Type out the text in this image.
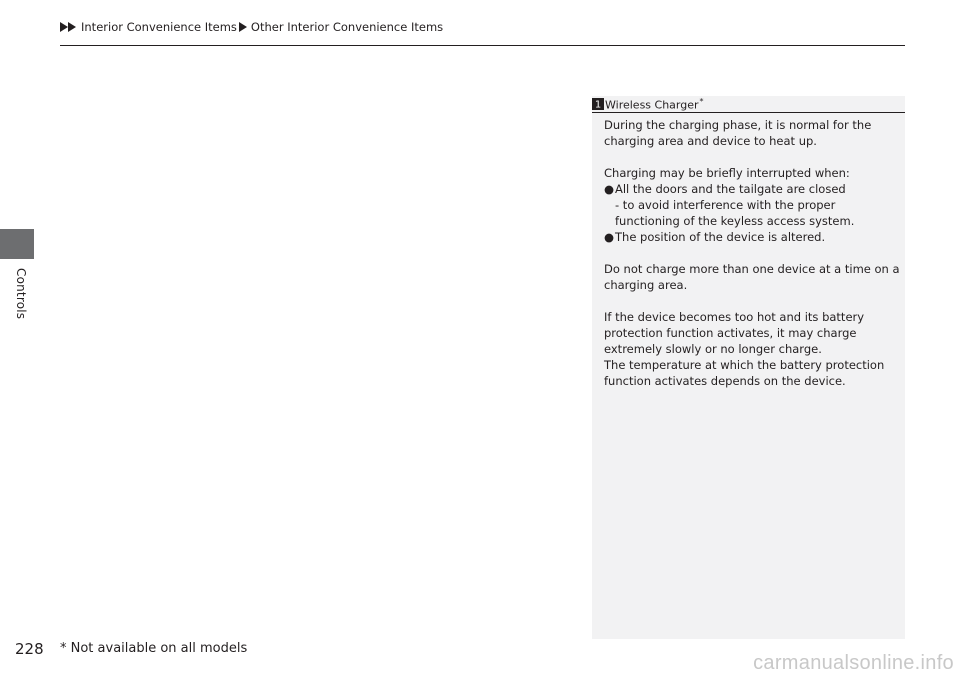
Interior Convenience Items Other Interior Convenience Items
Controls
1 Wireless Charger*

During the charging phase, it is normal for the charging area and device to heat up.

Charging may be briefly interrupted when:

● All the doors and the tailgate are closed

- to avoid interference with the proper functioning of the keyless access system.

● The position of the device is altered.

Do not charge more than one device at a time on a charging area.

If the device becomes too hot and its battery protection function activates, it may charge extremely slowly or no longer charge.

The temperature at which the battery protection function activates depends on the device.

228 * Not available on all models
carmanualsonline.info
